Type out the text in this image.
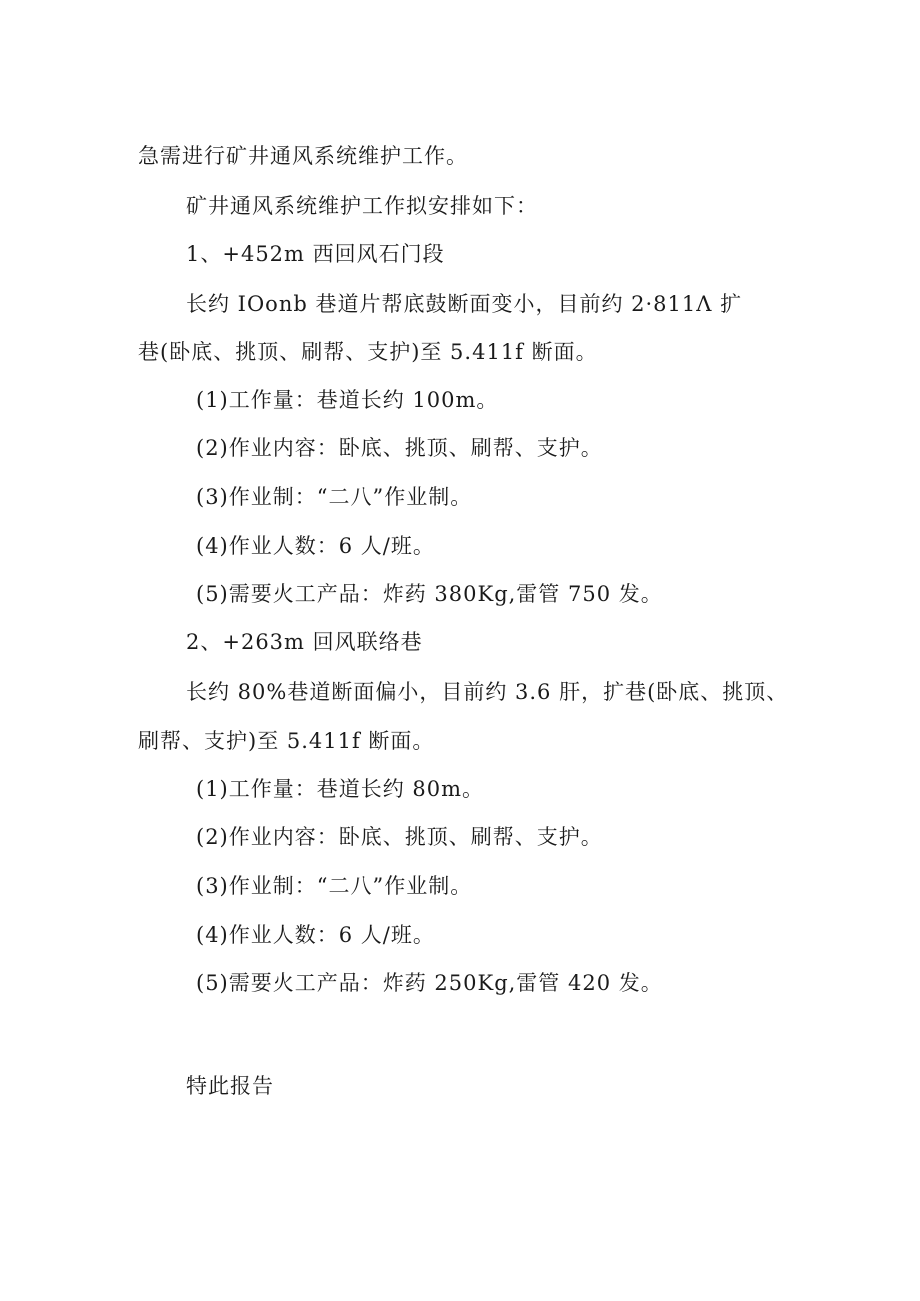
急需进行矿井通风系统维护工作。
矿井通风系统维护工作拟安排如下：
1、+452m 西回风石门段
长约 IOonb 巷道片帮底鼓断面变小，目前约 2·811Λ 扩
巷(卧底、挑顶、刷帮、支护)至 5.411f 断面。
(1)工作量：巷道长约 100m。
(2)作业内容：卧底、挑顶、刷帮、支护。
(3)作业制：“二八”作业制。
(4)作业人数：6 人/班。
(5)需要火工产品：炸药 380Kg,雷管 750 发。
2、+263m 回风联络巷
长约 80%巷道断面偏小，目前约 3.6 肝，扩巷(卧底、挑顶、
刷帮、支护)至 5.411f 断面。
(1)工作量：巷道长约 80m。
(2)作业内容：卧底、挑顶、刷帮、支护。
(3)作业制：“二八”作业制。
(4)作业人数：6 人/班。
(5)需要火工产品：炸药 250Kg,雷管 420 发。
特此报告
